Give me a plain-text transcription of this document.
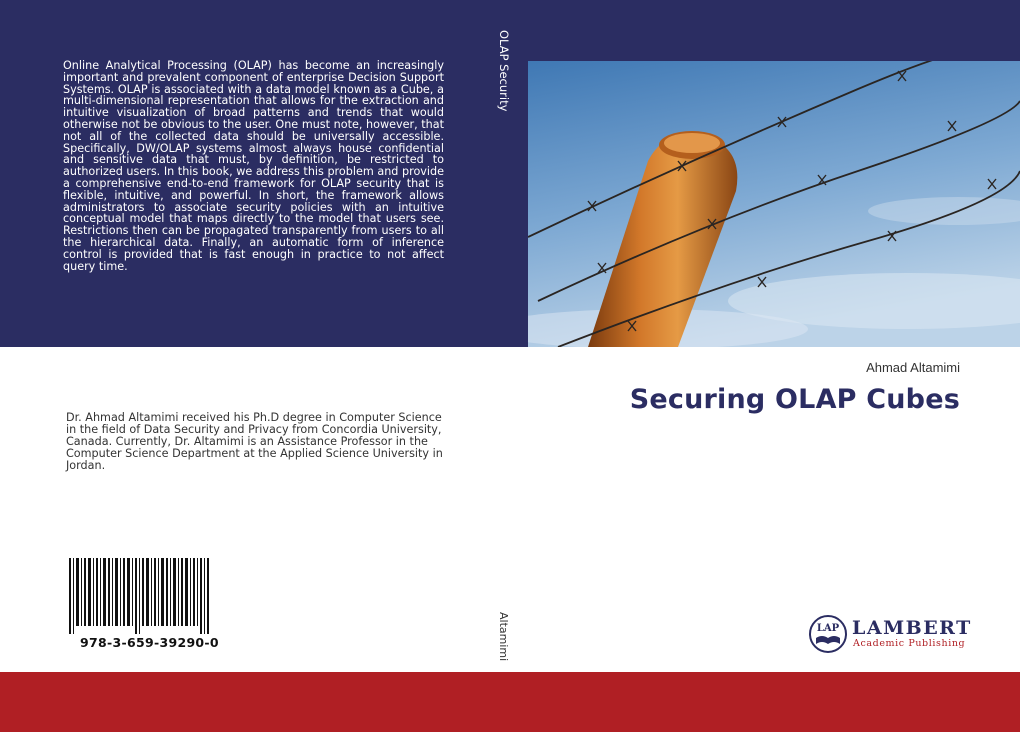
Online Analytical Processing (OLAP) has become an increasingly important and prevalent component of enterprise Decision Support Systems. OLAP is associated with a data model known as a Cube, a multi-dimensional representation that allows for the extraction and intuitive visualization of broad patterns and trends that would otherwise not be obvious to the user. One must note, however, that not all of the collected data should be universally accessible. Specifically, DW/OLAP systems almost always house confidential and sensitive data that must, by definition, be restricted to authorized users. In this book, we address this problem and provide a comprehensive end-to-end framework for OLAP security that is flexible, intuitive, and powerful. In short, the framework allows administrators to associate security policies with an intuitive conceptual model that maps directly to the model that users see. Restrictions then can be propagated transparently from users to all the hierarchical data. Finally, an automatic form of inference control is provided that is fast enough in practice to not affect query time.

OLAP Security
Altamimi
Ahmad Altamimi
Securing OLAP Cubes

Dr. Ahmad Altamimi received his Ph.D degree in Computer Science in the field of Data Security and Privacy from Concordia University, Canada. Currently, Dr. Altamimi is an Assistance Professor in the Computer Science Department at the Applied Science University in Jordan.

978-3-659-39290-0
LAP LAMBERT
Academic Publishing
